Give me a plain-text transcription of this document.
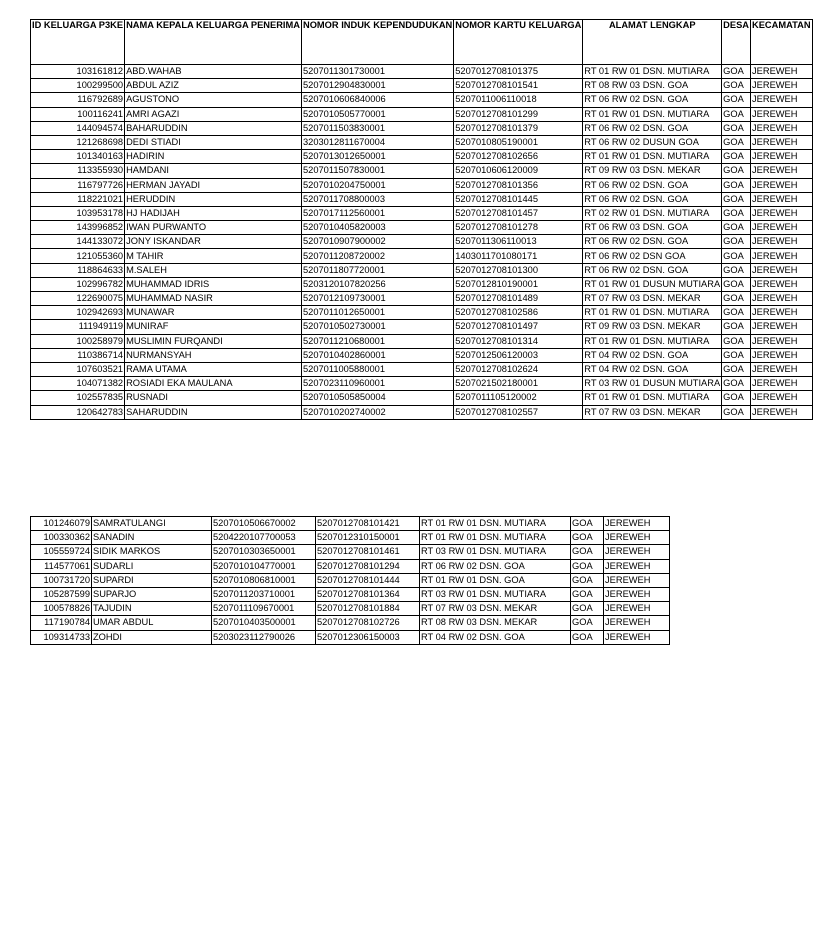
ID KELUARGA P3KE	NAMA KEPALA KELUARGA PENERIMA	NOMOR INDUK KEPENDUDUKAN	NOMOR KARTU KELUARGA	ALAMAT LENGKAP	DESA	KECAMATAN
103161812	ABD.WAHAB	5207011301730001	5207012708101375	RT 01 RW 01 DSN. MUTIARA	GOA	JEREWEH
100299500	ABDUL AZIZ	5207012904830001	5207012708101541	RT 08 RW 03 DSN. GOA	GOA	JEREWEH
116792689	AGUSTONO	5207010606840006	5207011006110018	RT 06 RW 02 DSN. GOA	GOA	JEREWEH
100116241	AMRI AGAZI	5207010505770001	5207012708101299	RT 01 RW 01 DSN. MUTIARA	GOA	JEREWEH
144094574	BAHARUDDIN	5207011503830001	5207012708101379	RT 06 RW 02 DSN. GOA	GOA	JEREWEH
121268698	DEDI STIADI	3203012811670004	5207010805190001	RT 06 RW 02 DUSUN GOA	GOA	JEREWEH
101340163	HADIRIN	5207013012650001	5207012708102656	RT 01 RW 01 DSN. MUTIARA	GOA	JEREWEH
113355930	HAMDANI	5207011507830001	5207010606120009	RT 09 RW 03 DSN. MEKAR	GOA	JEREWEH
116797726	HERMAN JAYADI	5207010204750001	5207012708101356	RT 06 RW 02 DSN. GOA	GOA	JEREWEH
118221021	HERUDDIN	5207011708800003	5207012708101445	RT 06 RW 02 DSN. GOA	GOA	JEREWEH
103953178	HJ HADIJAH	5207017112560001	5207012708101457	RT 02 RW 01 DSN. MUTIARA	GOA	JEREWEH
143996852	IWAN PURWANTO	5207010405820003	5207012708101278	RT 06 RW 03 DSN. GOA	GOA	JEREWEH
144133072	JONY ISKANDAR	5207010907900002	5207011306110013	RT 06 RW 02 DSN. GOA	GOA	JEREWEH
121055360	M TAHIR	5207011208720002	1403011701080171	RT 06 RW 02 DSN GOA	GOA	JEREWEH
118864633	M.SALEH	5207011807720001	5207012708101300	RT 06 RW 02 DSN. GOA	GOA	JEREWEH
102996782	MUHAMMAD IDRIS	5203120107820256	5207012810190001	RT 01 RW 01 DUSUN MUTIARA	GOA	JEREWEH
122690075	MUHAMMAD NASIR	5207012109730001	5207012708101489	RT 07 RW 03 DSN. MEKAR	GOA	JEREWEH
102942693	MUNAWAR	5207011012650001	5207012708102586	RT 01 RW 01 DSN. MUTIARA	GOA	JEREWEH
111949119	MUNIRAF	5207010502730001	5207012708101497	RT 09 RW 03 DSN. MEKAR	GOA	JEREWEH
100258979	MUSLIMIN FURQANDI	5207011210680001	5207012708101314	RT 01 RW 01 DSN. MUTIARA	GOA	JEREWEH
110386714	NURMANSYAH	5207010402860001	5207012506120003	RT 04 RW 02 DSN. GOA	GOA	JEREWEH
107603521	RAMA UTAMA	5207011005880001	5207012708102624	RT 04 RW 02 DSN. GOA	GOA	JEREWEH
104071382	ROSIADI EKA MAULANA	5207023110960001	5207021502180001	RT 03 RW 01 DUSUN MUTIARA	GOA	JEREWEH
102557835	RUSNADI	5207010505850004	5207011105120002	RT 01 RW 01 DSN. MUTIARA	GOA	JEREWEH
120642783	SAHARUDDIN	5207010202740002	5207012708102557	RT 07 RW 03 DSN. MEKAR	GOA	JEREWEH
101246079	SAMRATULANGI	5207010506670002	5207012708101421	RT 01 RW 01 DSN. MUTIARA	GOA	JEREWEH
100330362	SANADIN	5204220107700053	5207012310150001	RT 01 RW 01 DSN. MUTIARA	GOA	JEREWEH
105559724	SIDIK MARKOS	5207010303650001	5207012708101461	RT 03 RW 01 DSN. MUTIARA	GOA	JEREWEH
114577061	SUDARLI	5207010104770001	5207012708101294	RT 06 RW 02 DSN. GOA	GOA	JEREWEH
100731720	SUPARDI	5207010806810001	5207012708101444	RT 01 RW 01 DSN. GOA	GOA	JEREWEH
105287599	SUPARJO	5207011203710001	5207012708101364	RT 03 RW 01 DSN. MUTIARA	GOA	JEREWEH
100578826	TAJUDIN	5207011109670001	5207012708101884	RT 07 RW 03 DSN. MEKAR	GOA	JEREWEH
117190784	UMAR ABDUL	5207010403500001	5207012708102726	RT 08 RW 03 DSN. MEKAR	GOA	JEREWEH
109314733	ZOHDI	5203023112790026	5207012306150003	RT 04 RW 02 DSN. GOA	GOA	JEREWEH
